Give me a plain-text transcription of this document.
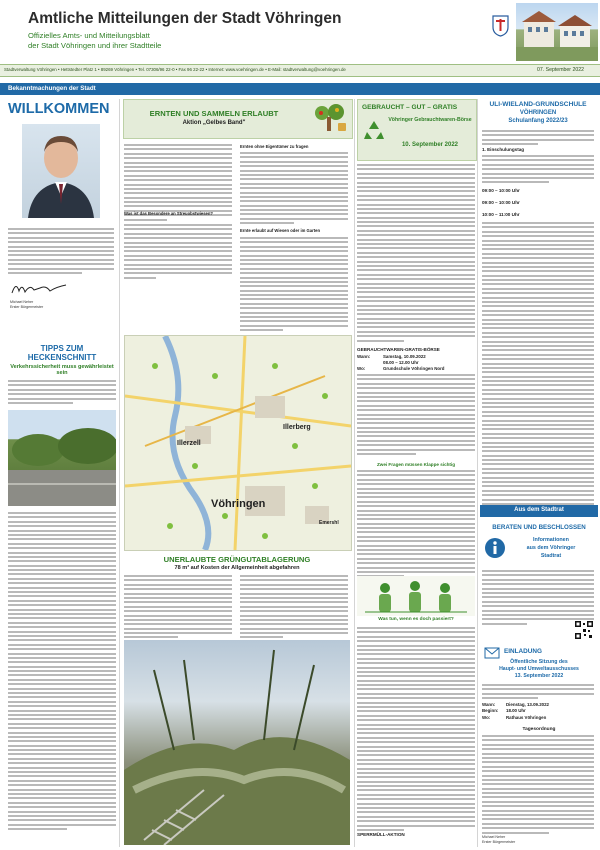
Amtliche Mitteilungen der Stadt Vöhringen
Offizielles Amts- und Mitteilungsblatt
der Stadt Vöhringen und ihrer Stadtteile
Stadtverwaltung Vöhringen • Hettstedter Platz 1 • 89269 Vöhringen • Tel. 07306/96 22-0 • Fax 96 22-22 • Internet: www.voehringen.de • E-Mail: stadtverwaltung@voehringen.de	07. September 2022
Bekanntmachungen der Stadt
WILLKOMMEN
Michael Neher
Erster Bürgermeister
TIPPS ZUM HECKENSCHNITT
Verkehrssicherheit muss gewährleistet sein
ERNTEN UND SAMMELN ERLAUBT
Aktion „Gelbes Band"
Was ist das Besondere an Streuobstwiesen?
Ernten ohne Eigentümer zu fragen
Ernte erlaubt auf Wiesen oder im Garten
Illerzell
Illerberg
Vöhringen
Emershl
UNERLAUBTE GRÜNGUTABLAGERUNG
78 m³ auf Kosten der Allgemeinheit abgefahren
GEBRAUCHT – GUT – GRATIS
Vöhringer Gebrauchtwaren-Börse
10. September 2022
GEBRAUCHTWAREN-GRATIS-BÖRSE
Wann:	Samstag, 10.09.2022
08.00 – 12.00 Uhr
Wo:	Grundschule Vöhringen Nord
Zwei Fragen müssen Klappe sichtig
Was tun, wenn es doch passiert?
SPERRMÜLL-AKTION
ULI-WIELAND-GRUNDSCHULE
VÖHRINGEN
Schulanfang 2022/23
1. Einschulungstag
09:00 – 10:00 Uhr
09:00 – 10:00 Uhr
10:00 – 11:00 Uhr
Aus dem Stadtrat
BERATEN UND BESCHLOSSEN
Informationen
aus dem Vöhringer
Stadtrat
EINLADUNG
Öffentliche Sitzung des
Haupt- und Umweltausschusses
13. September 2022
Wann:	Dienstag, 13.09.2022
Beginn:	18.00 Uhr
Wo:	Rathaus Vöhringen
Tagesordnung
Michael Neher
Erster Bürgermeister
